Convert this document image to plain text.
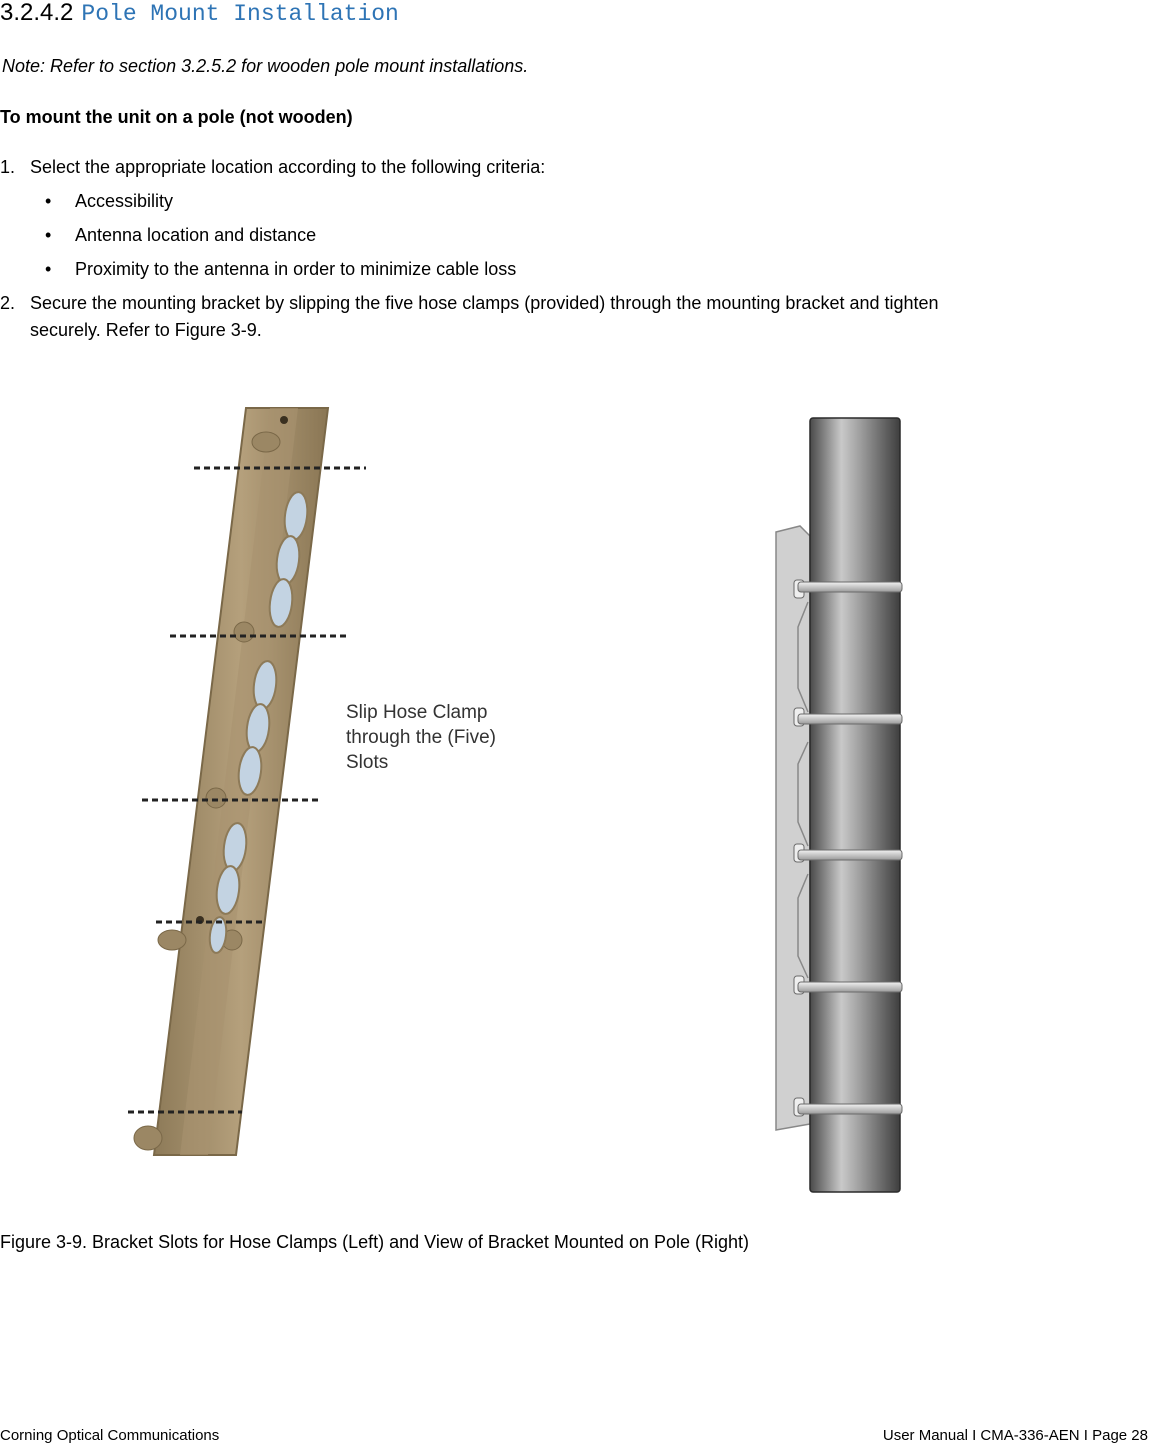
3.2.4.2 Pole Mount Installation
Note: Refer to section 3.2.5.2 for wooden pole mount installations.
To mount the unit on a pole (not wooden)
1. Select the appropriate location according to the following criteria:
• Accessibility
• Antenna location and distance
• Proximity to the antenna in order to minimize cable loss
2. Secure the mounting bracket by slipping the five hose clamps (provided) through the mounting bracket and tighten
securely. Refer to Figure 3-9.
Slip Hose Clamp
through the (Five)
Slots
Figure 3-9. Bracket Slots for Hose Clamps (Left) and View of Bracket Mounted on Pole (Right)
Corning Optical Communications	User Manual I CMA-336-AEN I Page 28
